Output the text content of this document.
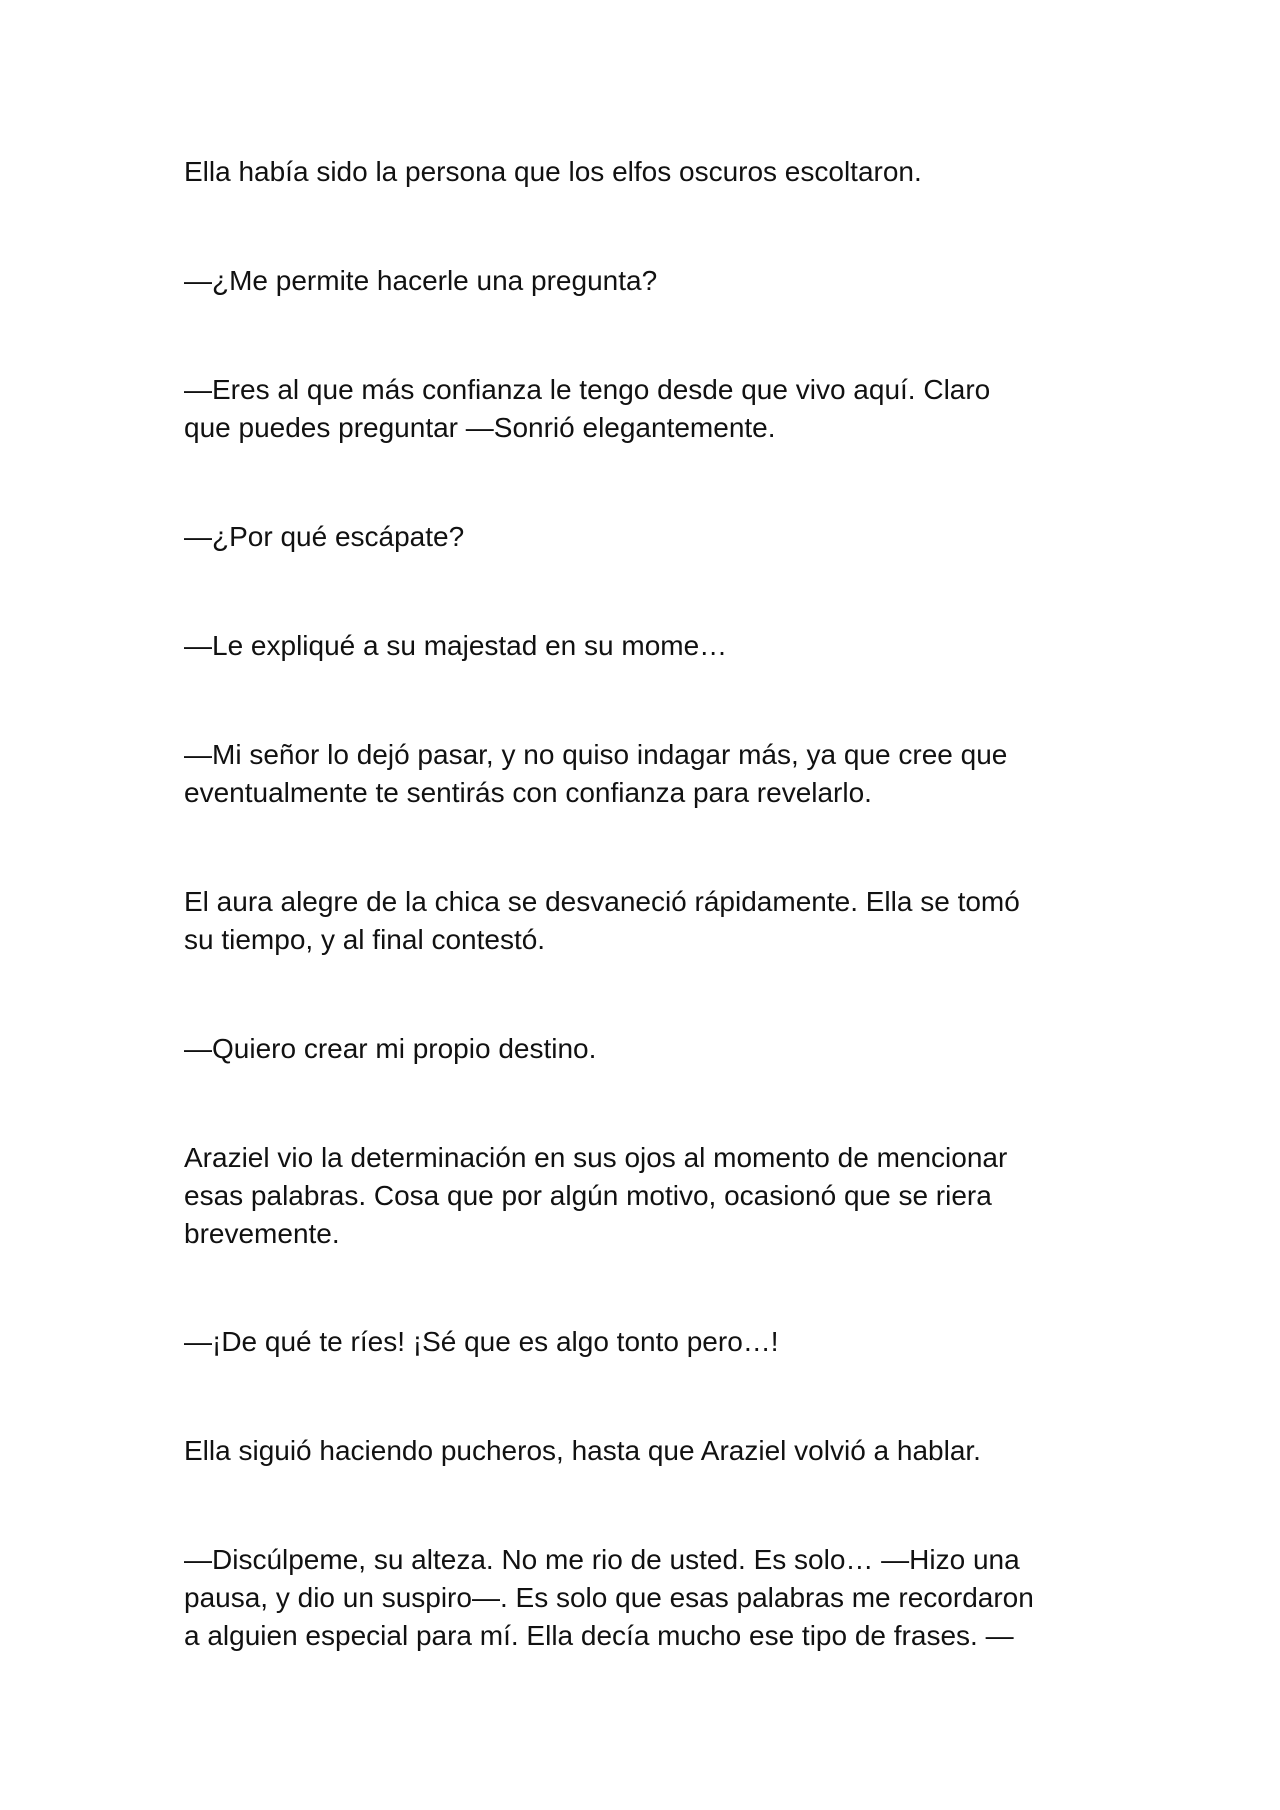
Ella había sido la persona que los elfos oscuros escoltaron.

—¿Me permite hacerle una pregunta?

—Eres al que más confianza le tengo desde que vivo aquí. Claro
que puedes preguntar —Sonrió elegantemente.

—¿Por qué escápate?

—Le expliqué a su majestad en su mome…

—Mi señor lo dejó pasar, y no quiso indagar más, ya que cree que
eventualmente te sentirás con confianza para revelarlo.

El aura alegre de la chica se desvaneció rápidamente. Ella se tomó
su tiempo, y al final contestó.

—Quiero crear mi propio destino.

Araziel vio la determinación en sus ojos al momento de mencionar
esas palabras. Cosa que por algún motivo, ocasionó que se riera
brevemente.

—¡De qué te ríes! ¡Sé que es algo tonto pero…!

Ella siguió haciendo pucheros, hasta que Araziel volvió a hablar.

—Discúlpeme, su alteza. No me rio de usted. Es solo… —Hizo una
pausa, y dio un suspiro—. Es solo que esas palabras me recordaron
a alguien especial para mí. Ella decía mucho ese tipo de frases. —
